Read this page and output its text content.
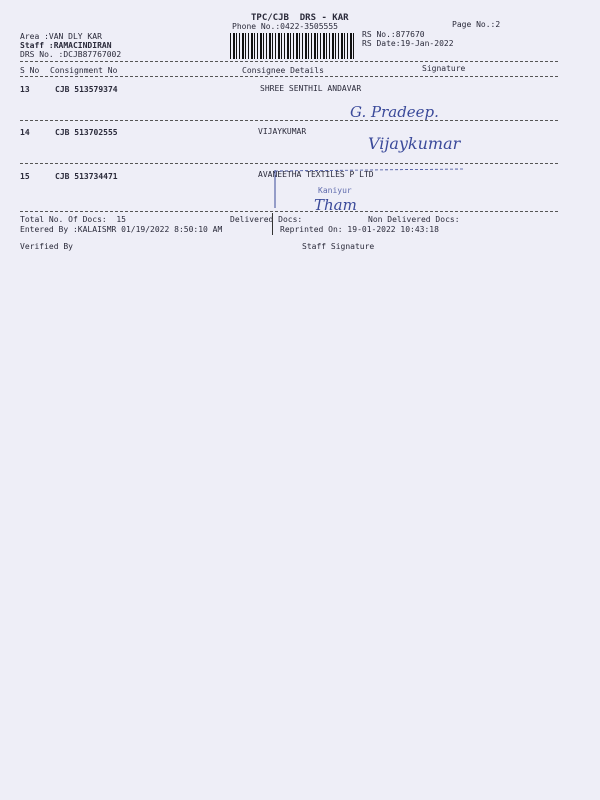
TPC/CJB  DRS - KAR
Phone No.:0422-3505555	Page No.:2
Area :VAN DLY KAR
Staff :RAMACINDIRAN
DRS No. :DCJB87767002
RS No.:877670
RS Date:19-Jan-2022
S No Consignment No	Consignee Details	Signature
13	CJB 513579374	SHREE SENTHIL ANDAVAR
G. Pradeep.
14	CJB 513702555	VIJAYKUMAR
Vijaykumar
15	CJB 513734471	AVANEETHA TEXTILES P LTD
Kaniyur
Tham
Total No. Of Docs:  15	Delivered Docs:	Non Delivered Docs:
Entered By :KALAISMR 01/19/2022 8:50:10 AM	Reprinted On: 19-01-2022 10:43:18
Verified By	Staff Signature
